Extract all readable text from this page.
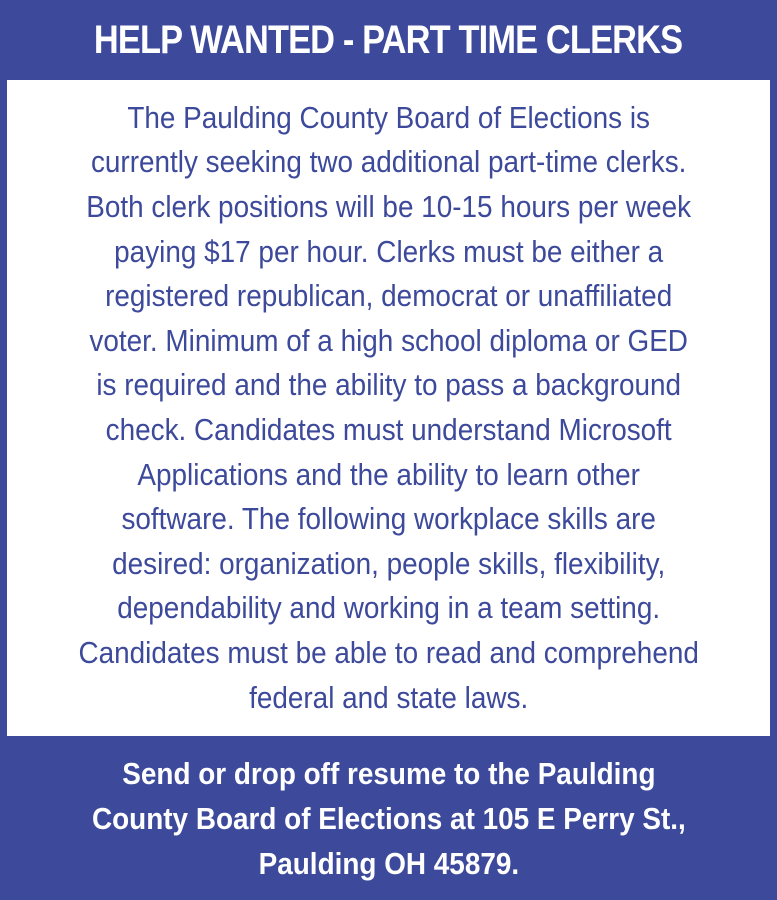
HELP WANTED - PART TIME CLERKS
The Paulding County Board of Elections is
currently seeking two additional part-time clerks.
Both clerk positions will be 10-15 hours per week
paying $17 per hour. Clerks must be either a
registered republican, democrat or unaffiliated
voter. Minimum of a high school diploma or GED
is required and the ability to pass a background
check. Candidates must understand Microsoft
Applications and the ability to learn other
software. The following workplace skills are
desired: organization, people skills, flexibility,
dependability and working in a team setting.
Candidates must be able to read and comprehend
federal and state laws.
Send or drop off resume to the Paulding
County Board of Elections at 105 E Perry St.,
Paulding OH 45879.
